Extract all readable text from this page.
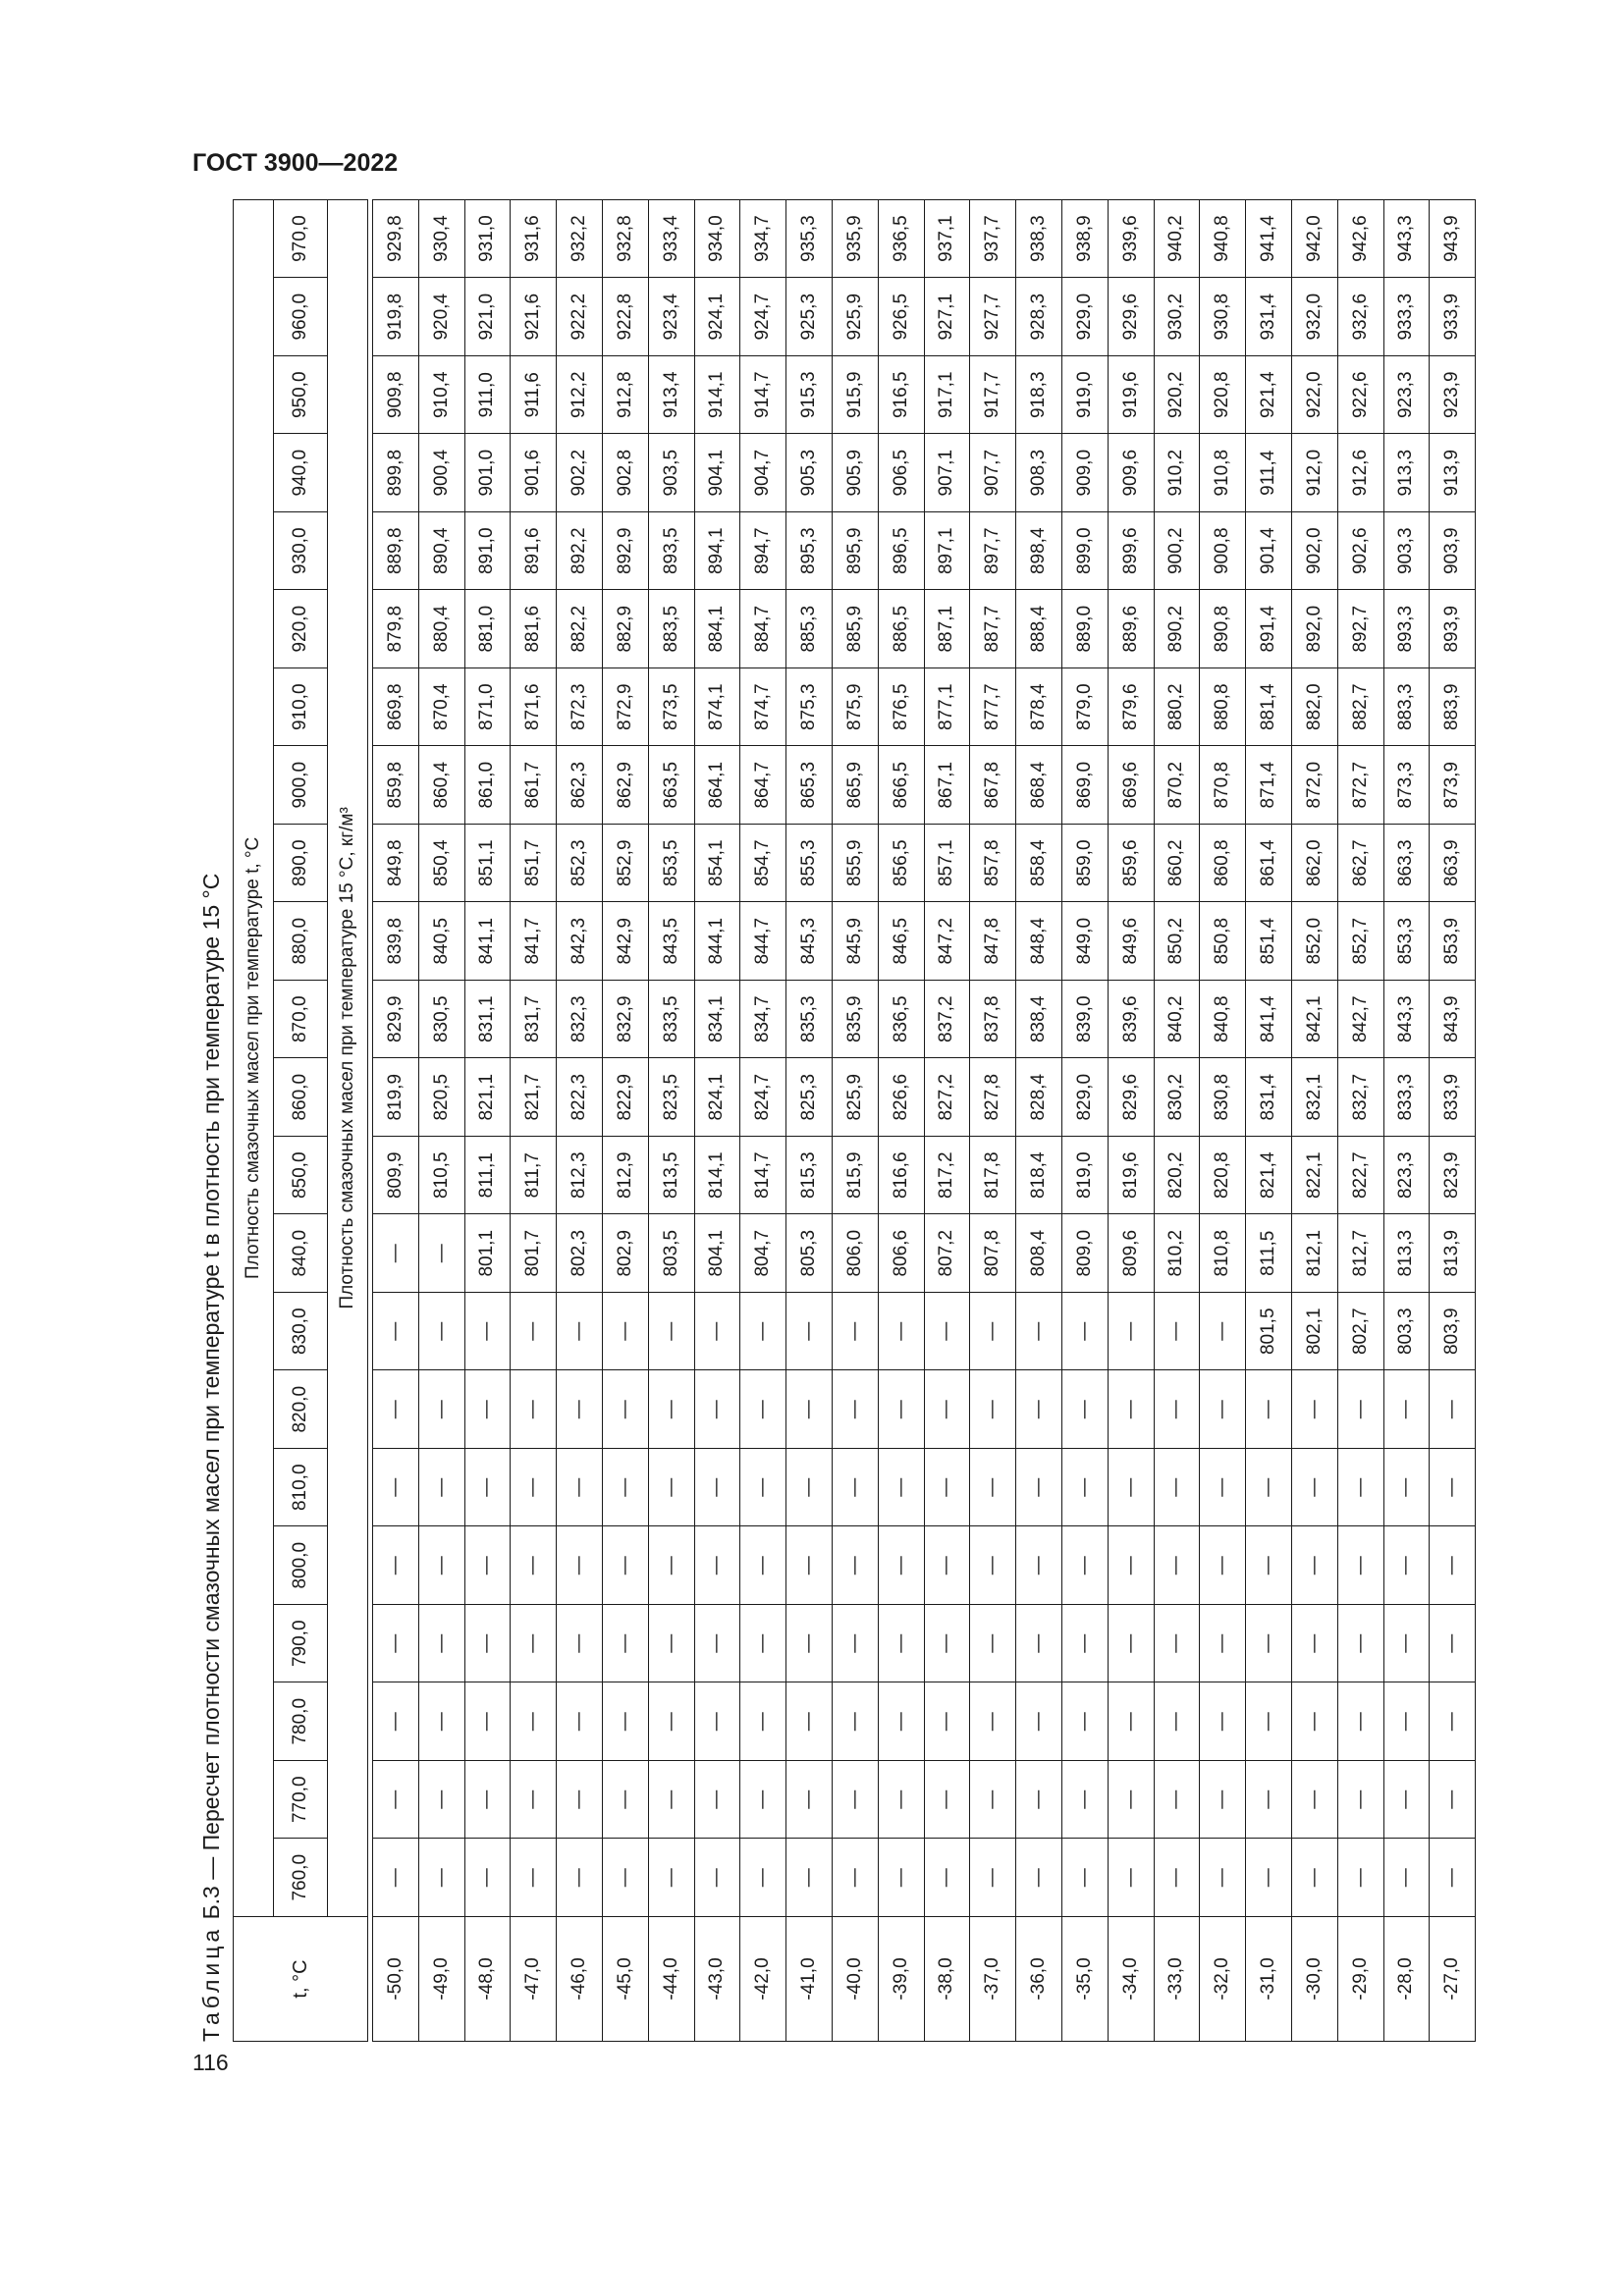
ГОСТ 3900—2022
116
Таблица Б.3 — Пересчет плотности смазочных масел при температуре t в плотность при температуре 15 °С
t, °С	Плотность смазочных масел при температуре t, °С																					
	760,0	770,0	780,0	790,0	800,0	810,0	820,0	830,0	840,0	850,0	860,0	870,0	880,0	890,0	900,0	910,0	920,0	930,0	940,0	950,0	960,0	970,0
	Плотность смазочных масел при температуре 15 °С, кг/м³																					

-50,0	—	—	—	—	—	—	—	—	—	809,9	819,9	829,9	839,8	849,8	859,8	869,8	879,8	889,8	899,8	909,8	919,8	929,8
-49,0	—	—	—	—	—	—	—	—	—	810,5	820,5	830,5	840,5	850,4	860,4	870,4	880,4	890,4	900,4	910,4	920,4	930,4
-48,0	—	—	—	—	—	—	—	—	801,1	811,1	821,1	831,1	841,1	851,1	861,0	871,0	881,0	891,0	901,0	911,0	921,0	931,0
-47,0	—	—	—	—	—	—	—	—	801,7	811,7	821,7	831,7	841,7	851,7	861,7	871,6	881,6	891,6	901,6	911,6	921,6	931,6
-46,0	—	—	—	—	—	—	—	—	802,3	812,3	822,3	832,3	842,3	852,3	862,3	872,3	882,2	892,2	902,2	912,2	922,2	932,2
-45,0	—	—	—	—	—	—	—	—	802,9	812,9	822,9	832,9	842,9	852,9	862,9	872,9	882,9	892,9	902,8	912,8	922,8	932,8
-44,0	—	—	—	—	—	—	—	—	803,5	813,5	823,5	833,5	843,5	853,5	863,5	873,5	883,5	893,5	903,5	913,4	923,4	933,4
-43,0	—	—	—	—	—	—	—	—	804,1	814,1	824,1	834,1	844,1	854,1	864,1	874,1	884,1	894,1	904,1	914,1	924,1	934,0
-42,0	—	—	—	—	—	—	—	—	804,7	814,7	824,7	834,7	844,7	854,7	864,7	874,7	884,7	894,7	904,7	914,7	924,7	934,7
-41,0	—	—	—	—	—	—	—	—	805,3	815,3	825,3	835,3	845,3	855,3	865,3	875,3	885,3	895,3	905,3	915,3	925,3	935,3
-40,0	—	—	—	—	—	—	—	—	806,0	815,9	825,9	835,9	845,9	855,9	865,9	875,9	885,9	895,9	905,9	915,9	925,9	935,9
-39,0	—	—	—	—	—	—	—	—	806,6	816,6	826,6	836,5	846,5	856,5	866,5	876,5	886,5	896,5	906,5	916,5	926,5	936,5
-38,0	—	—	—	—	—	—	—	—	807,2	817,2	827,2	837,2	847,2	857,1	867,1	877,1	887,1	897,1	907,1	917,1	927,1	937,1
-37,0	—	—	—	—	—	—	—	—	807,8	817,8	827,8	837,8	847,8	857,8	867,8	877,7	887,7	897,7	907,7	917,7	927,7	937,7
-36,0	—	—	—	—	—	—	—	—	808,4	818,4	828,4	838,4	848,4	858,4	868,4	878,4	888,4	898,4	908,3	918,3	928,3	938,3
-35,0	—	—	—	—	—	—	—	—	809,0	819,0	829,0	839,0	849,0	859,0	869,0	879,0	889,0	899,0	909,0	919,0	929,0	938,9
-34,0	—	—	—	—	—	—	—	—	809,6	819,6	829,6	839,6	849,6	859,6	869,6	879,6	889,6	899,6	909,6	919,6	929,6	939,6
-33,0	—	—	—	—	—	—	—	—	810,2	820,2	830,2	840,2	850,2	860,2	870,2	880,2	890,2	900,2	910,2	920,2	930,2	940,2
-32,0	—	—	—	—	—	—	—	—	810,8	820,8	830,8	840,8	850,8	860,8	870,8	880,8	890,8	900,8	910,8	920,8	930,8	940,8
-31,0	—	—	—	—	—	—	—	801,5	811,5	821,4	831,4	841,4	851,4	861,4	871,4	881,4	891,4	901,4	911,4	921,4	931,4	941,4
-30,0	—	—	—	—	—	—	—	802,1	812,1	822,1	832,1	842,1	852,0	862,0	872,0	882,0	892,0	902,0	912,0	922,0	932,0	942,0
-29,0	—	—	—	—	—	—	—	802,7	812,7	822,7	832,7	842,7	852,7	862,7	872,7	882,7	892,7	902,6	912,6	922,6	932,6	942,6
-28,0	—	—	—	—	—	—	—	803,3	813,3	823,3	833,3	843,3	853,3	863,3	873,3	883,3	893,3	903,3	913,3	923,3	933,3	943,3
-27,0	—	—	—	—	—	—	—	803,9	813,9	823,9	833,9	843,9	853,9	863,9	873,9	883,9	893,9	903,9	913,9	923,9	933,9	943,9
